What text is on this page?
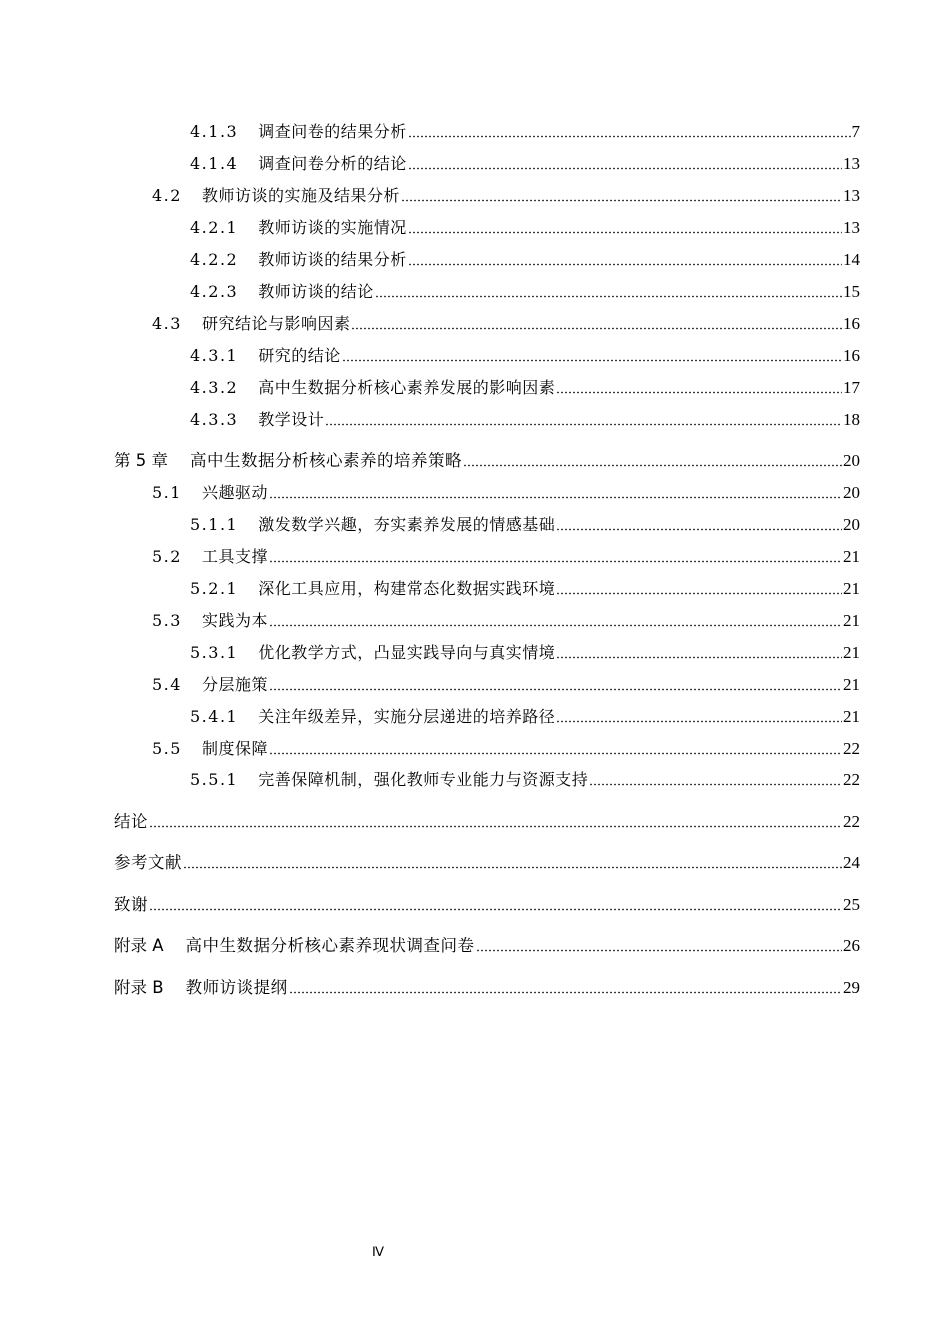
4.1.3 调查问卷的结果分析	7
4.1.4 调查问卷分析的结论	13
4.2 教师访谈的实施及结果分析	13
4.2.1 教师访谈的实施情况	13
4.2.2 教师访谈的结果分析	14
4.2.3 教师访谈的结论	15
4.3 研究结论与影响因素	16
4.3.1 研究的结论	16
4.3.2 高中生数据分析核心素养发展的影响因素	17
4.3.3 教学设计	18
第 5 章 高中生数据分析核心素养的培养策略	20
5.1 兴趣驱动	20
5.1.1 激发数学兴趣，夯实素养发展的情感基础	20
5.2 工具支撑	21
5.2.1 深化工具应用，构建常态化数据实践环境	21
5.3 实践为本	21
5.3.1 优化教学方式，凸显实践导向与真实情境	21
5.4 分层施策	21
5.4.1 关注年级差异，实施分层递进的培养路径	21
5.5 制度保障	22
5.5.1 完善保障机制，强化教师专业能力与资源支持	22
结论	22
参考文献	24
致谢	25
附录 A 高中生数据分析核心素养现状调查问卷	26
附录 B 教师访谈提纲	29
Ⅳ
